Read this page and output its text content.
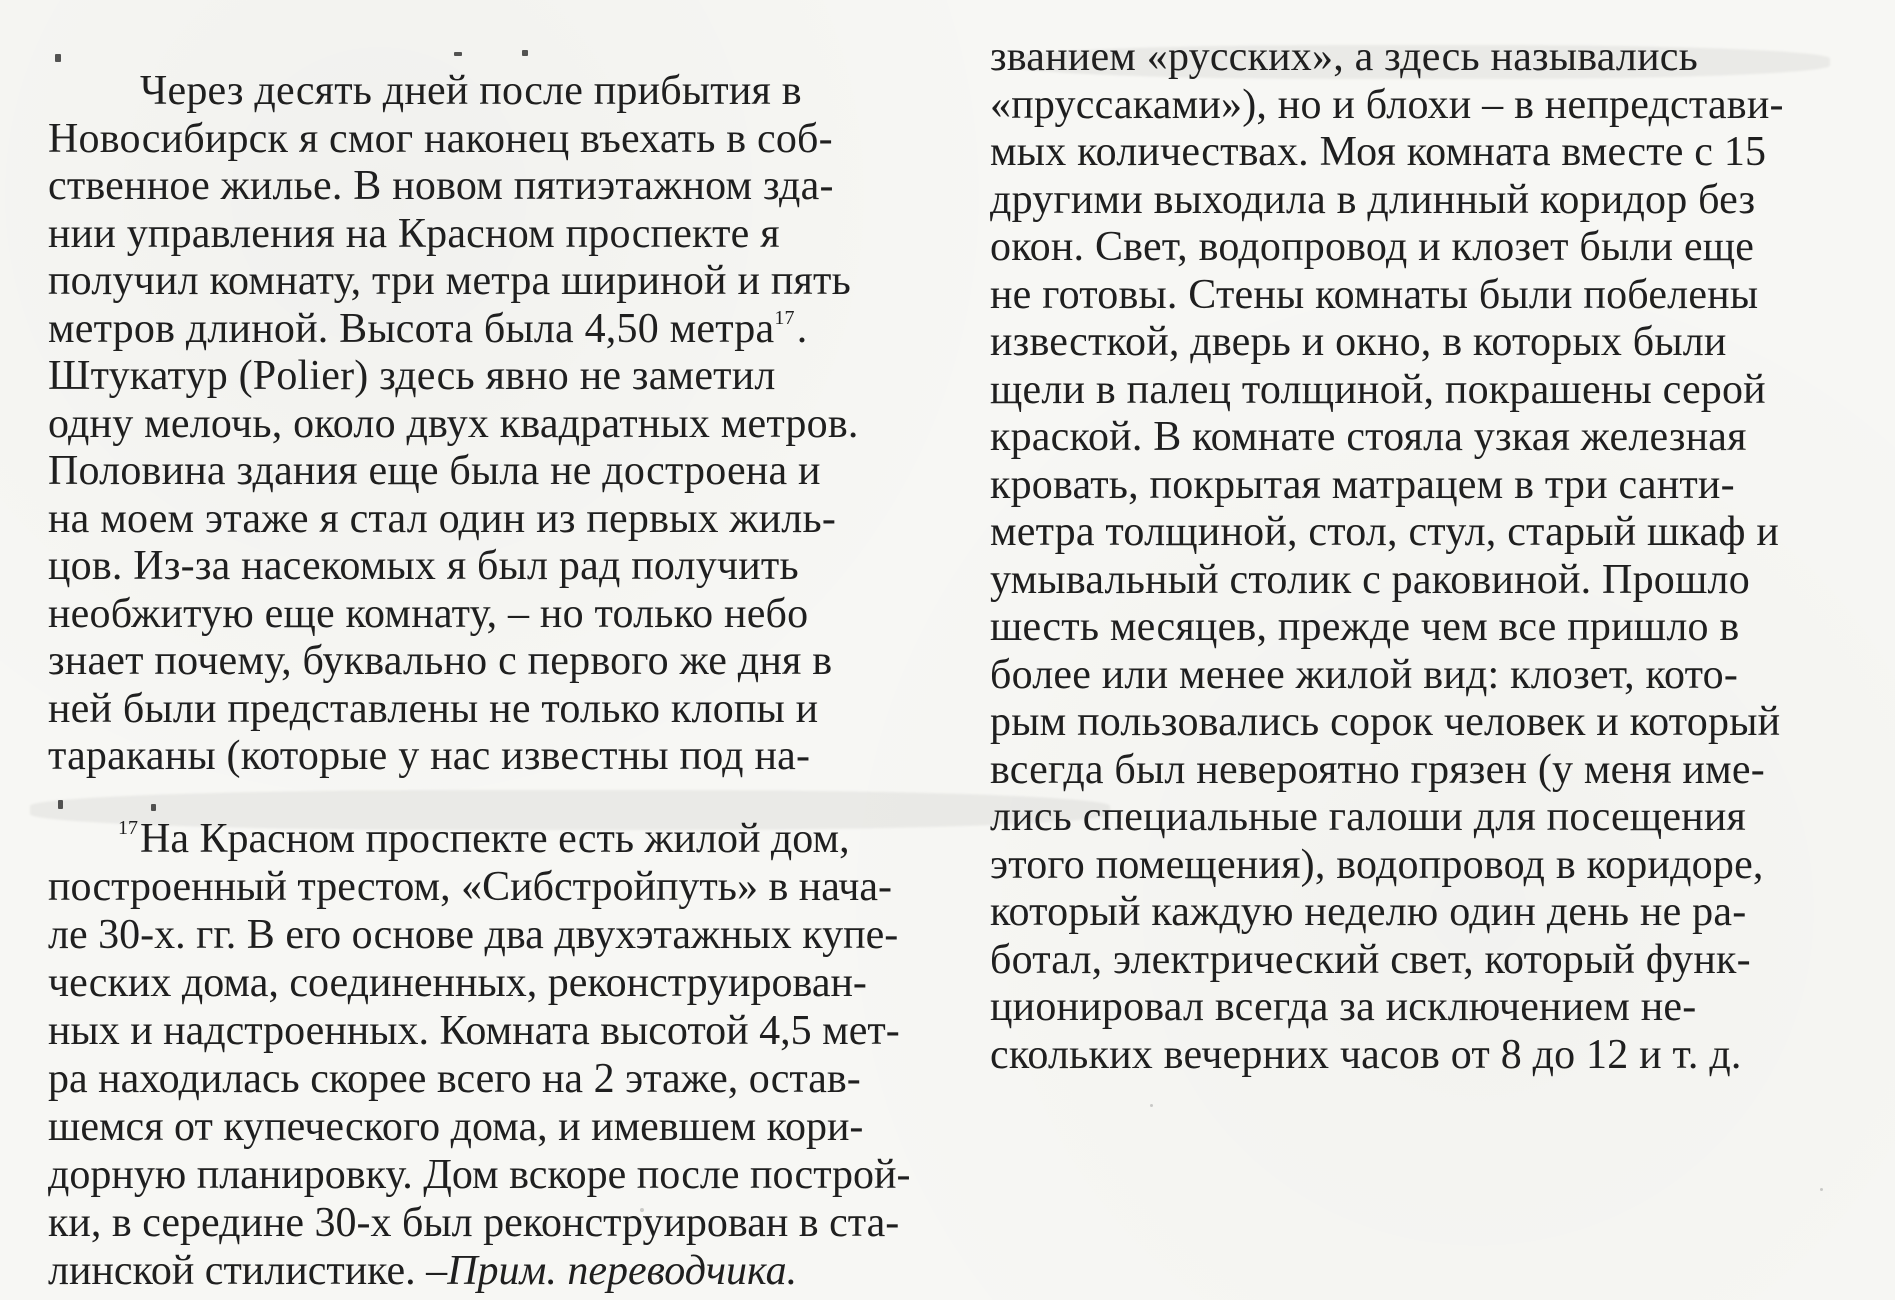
Через десять дней после прибытия в
Новосибирск я смог наконец въехать в соб-
ственное жилье. В новом пятиэтажном зда-
нии управления на Красном проспекте я
получил комнату, три метра шириной и пять
метров длиной. Высота была 4,50 метра$^{17}$.
Штукатур (Polier) здесь явно не заметил
одну мелочь, около двух квадратных метров.
Половина здания еще была не достроена и
на моем этаже я стал один из первых жиль-
цов. Из-за насекомых я был рад получить
необжитую еще комнату, – но только небо
знает почему, буквально с первого же дня в
ней были представлены не только клопы и
тараканы (которые у нас известны под на-
званием «русских», а здесь назывались
«пруссаками»), но и блохи – в непредстави-
мых количествах. Моя комната вместе с 15
другими выходила в длинный коридор без
окон. Свет, водопровод и клозет были еще
не готовы. Стены комнаты были побелены
известкой, дверь и окно, в которых были
щели в палец толщиной, покрашены серой
краской. В комнате стояла узкая железная
кровать, покрытая матрацем в три санти-
метра толщиной, стол, стул, старый шкаф и
умывальный столик с раковиной. Прошло
шесть месяцев, прежде чем все пришло в
более или менее жилой вид: клозет, кото-
рым пользовались сорок человек и который
всегда был невероятно грязен (у меня име-
лись специальные галоши для посещения
этого помещения), водопровод в коридоре,
который каждую неделю один день не ра-
ботал, электрический свет, который функ-
ционировал всегда за исключением не-
скольких вечерних часов от 8 до 12 и т. д.
17 На Красном проспекте есть жилой дом,
построенный трестом, «Сибстройпуть» в нача-
ле 30-х. гг. В его основе два двухэтажных купе-
ческих дома, соединенных, реконструирован-
ных и надстроенных. Комната высотой 4,5 мет-
ра находилась скорее всего на 2 этаже, остав-
шемся от купеческого дома, и имевшем кори-
дорную планировку. Дом вскоре после построй-
ки, в середине 30-х был реконструирован в ста-
линской стилистике. – Прим. переводчика.
